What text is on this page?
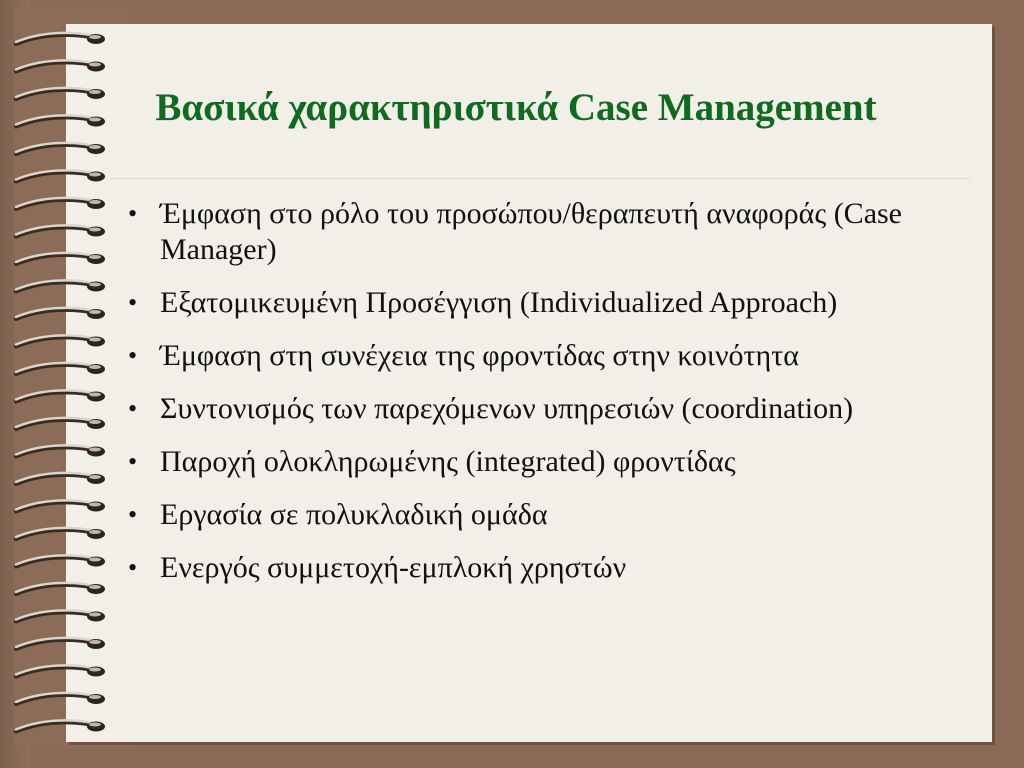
Βασικά χαρακτηριστικά Case Management
• Έμφαση στο ρόλο του προσώπου/θεραπευτή αναφοράς (Case Manager)
• Εξατομικευμένη Προσέγγιση (Individualized Approach)
• Έμφαση στη συνέχεια της φροντίδας στην κοινότητα
• Συντονισμός των παρεχόμενων υπηρεσιών (coordination)
• Παροχή ολοκληρωμένης (integrated) φροντίδας
• Εργασία σε πολυκλαδική ομάδα
• Ενεργός συμμετοχή-εμπλοκή χρηστών
